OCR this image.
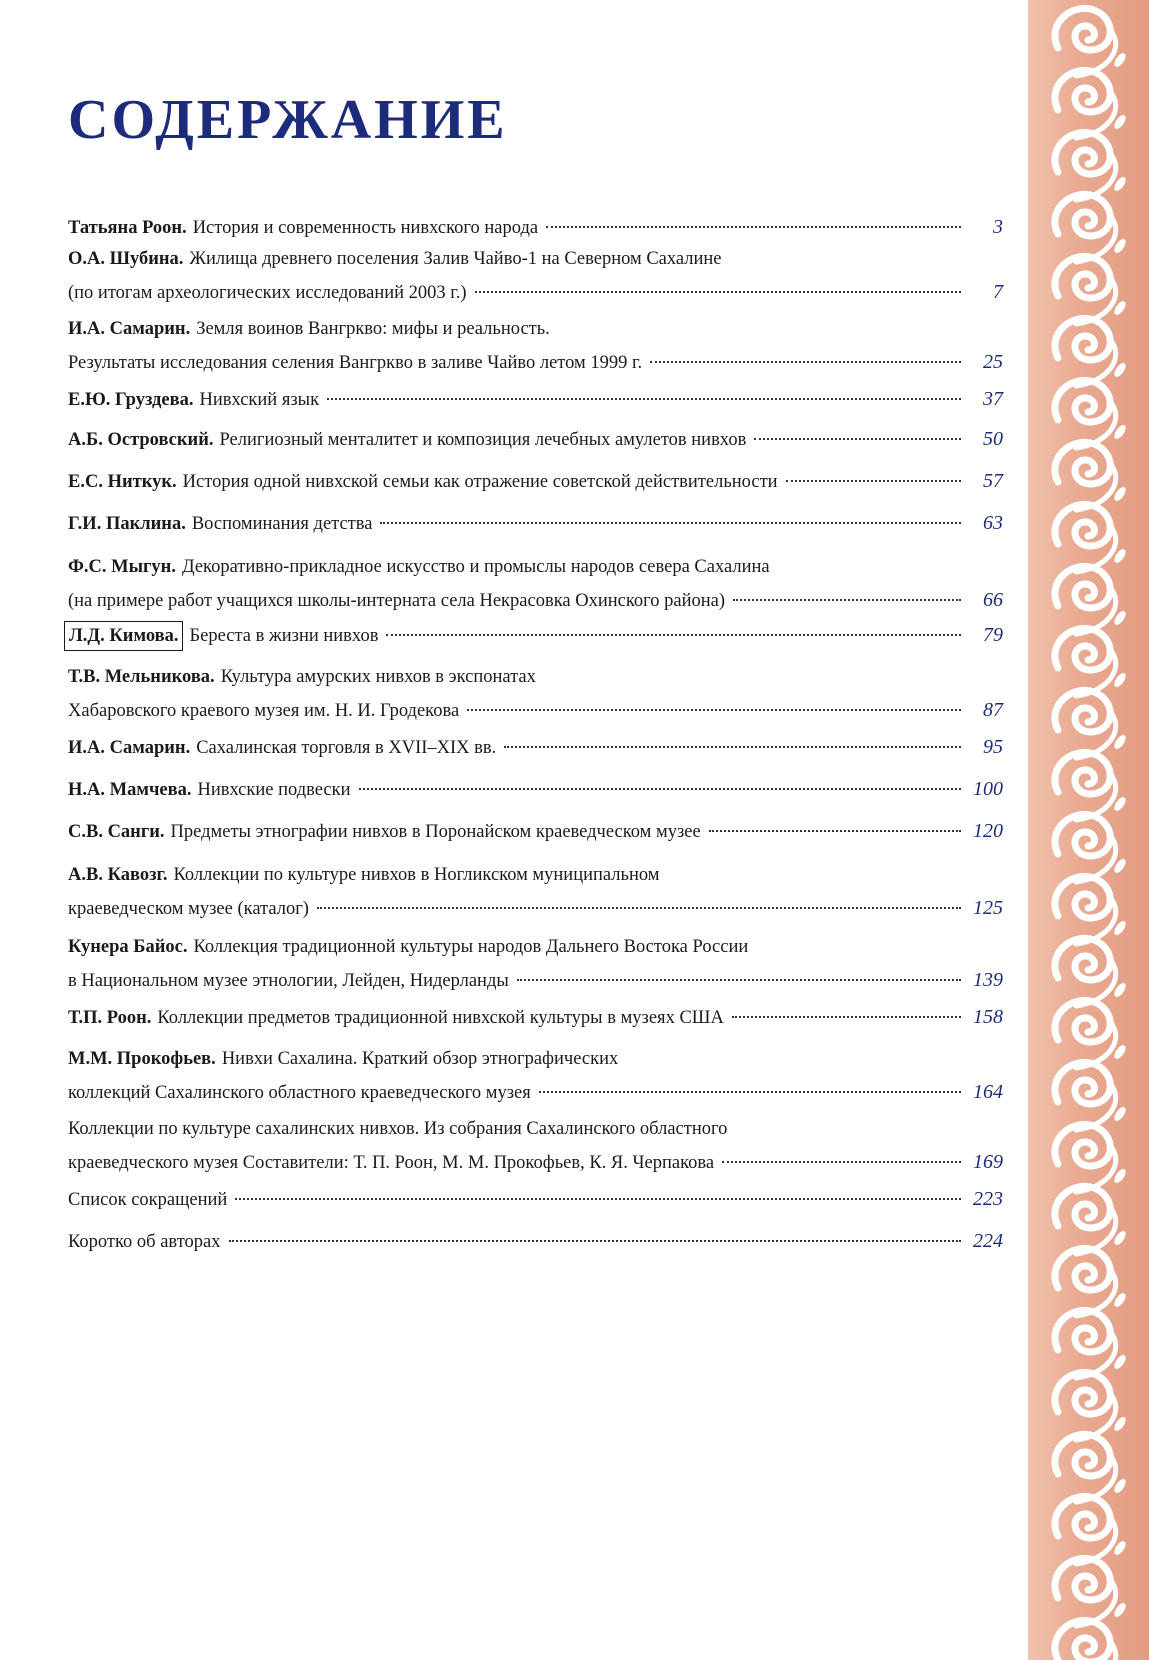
СОДЕРЖАНИЕ
Татьяна Роон. История и современность нивхского народа	3
О.А. Шубина. Жилища древнего поселения Залив Чайво-1 на Северном Сахалине
(по итогам археологических исследований 2003 г.)	7
И.А. Самарин. Земля воинов Вангркво: мифы и реальность.
Результаты исследования селения Вангркво в заливе Чайво летом 1999 г.	25
Е.Ю. Груздева. Нивхский язык	37
А.Б. Островский. Религиозный менталитет и композиция лечебных амулетов нивхов	50
Е.С. Ниткук. История одной нивхской семьи как отражение советской действительности	57
Г.И. Паклина. Воспоминания детства	63
Ф.С. Мыгун. Декоративно-прикладное искусство и промыслы народов севера Сахалина
(на примере работ учащихся школы-интерната села Некрасовка Охинского района)	66
Л.Д. Кимова. Береста в жизни нивхов	79
Т.В. Мельникова. Культура амурских нивхов в экспонатах
Хабаровского краевого музея им. Н. И. Гродекова	87
И.А. Самарин. Сахалинская торговля в XVII–XIX вв.	95
Н.А. Мамчева. Нивхские подвески	100
С.В. Санги. Предметы этнографии нивхов в Поронайском краеведческом музее	120
А.В. Кавозг. Коллекции по культуре нивхов в Ногликском муниципальном
краеведческом музее (каталог)	125
Кунера Байос. Коллекция традиционной культуры народов Дальнего Востока России
в Национальном музее этнологии, Лейден, Нидерланды	139
Т.П. Роон. Коллекции предметов традиционной нивхской культуры в музеях США	158
М.М. Прокофьев. Нивхи Сахалина. Краткий обзор этнографических
коллекций Сахалинского областного краеведческого музея	164
Коллекции по культуре сахалинских нивхов. Из собрания Сахалинского областного
краеведческого музея Составители: Т. П. Роон, М. М. Прокофьев, К. Я. Черпакова	169
Список сокращений	223
Коротко об авторах	224
